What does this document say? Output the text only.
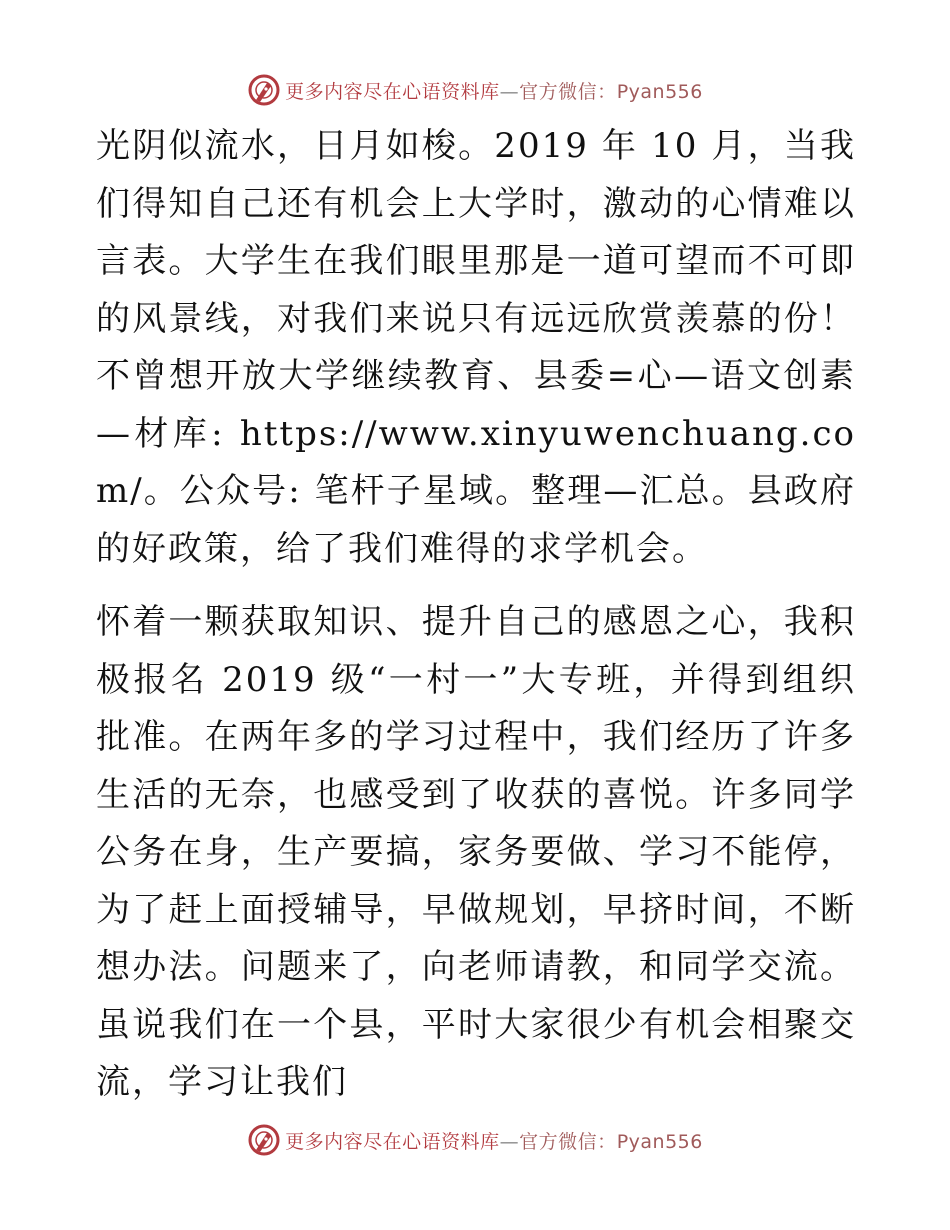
更多内容尽在心语资料库—官方微信：Pyan556

光阴似流水，日月如梭。2019 年 10 月，当我们得知自己还有机会上大学时，激动的心情难以言表。大学生在我们眼里那是一道可望而不可即的风景线，对我们来说只有远远欣赏羡慕的份！不曾想开放大学继续教育、县委=心—语文创素—材库: https://www.xinyuwenchuang.com/。公众号: 笔杆子星域。整理—汇总。县政府的好政策，给了我们难得的求学机会。

怀着一颗获取知识、提升自己的感恩之心，我积极报名 2019 级“一村一”大专班，并得到组织批准。在两年多的学习过程中，我们经历了许多生活的无奈，也感受到了收获的喜悦。许多同学公务在身，生产要搞，家务要做、学习不能停，为了赶上面授辅导，早做规划，早挤时间，不断想办法。问题来了，向老师请教，和同学交流。虽说我们在一个县，平时大家很少有机会相聚交流，学习让我们

更多内容尽在心语资料库—官方微信：Pyan556
